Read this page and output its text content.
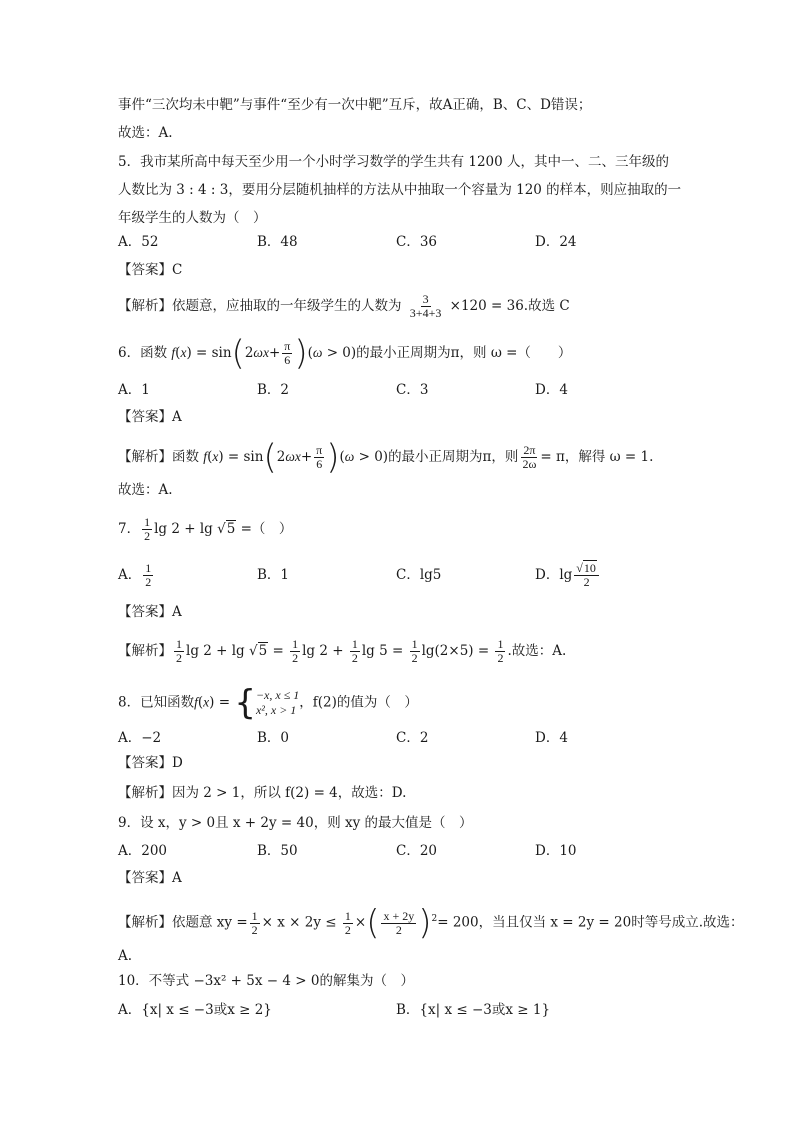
事件“三次均未中靶”与事件“至少有一次中靶”互斥，故A正确，B、C、D错误；
故选：A.
5．我市某所高中每天至少用一个小时学习数学的学生共有 1200 人，其中一、二、三年级的
人数比为 3 : 4 : 3，要用分层随机抽样的方法从中抽取一个容量为 120 的样本，则应抽取的一
年级学生的人数为（　）
A．52	B．48	C．36	D．24
【答案】C
【解析】依题意，应抽取的一年级学生的人数为 $\frac{3}{3+4+3} \times 120 = 36$.故选 C
6．函数 $f(x) = \sin(2\omega x+ \frac{\pi}{6} )(\omega > 0)$的最小正周期为π，则 ω =（　　）
A．1	B．2	C．3	D．4
【答案】A
【解析】函数 $f(x) = \sin(2\omega x+ \frac{\pi}{6} )(\omega > 0)$的最小正周期为π，则 $\frac{2\pi}{2\omega} = \pi$，解得 ω = 1.
故选：A.
7． $\frac{1}{2}$ lg 2 + lg √5 =（　）
A． $\frac{1}{2}$	B．1	C．lg5	D．$\lg \frac{√10}{2}$
【答案】A
【解析】 $\frac{1}{2}$ $\lg 2 + \lg √5 = \frac{1}{2}$ $\lg 2 + \frac{1}{2}$ $\lg 5 = \frac{1}{2} \lg(2\times 5) = \frac{1}{2}$ .故选：A.
8．已知函数f(x) = { −x, x ≤ 1
x², x > 1 ，f(2)的值为（　）
A．−2	B．0	C．2	D．4
【答案】D
【解析】因为 2 > 1，所以 f(2) = 4，故选：D.
9．设 x，y > 0且 x + 2y = 40，则 xy 的最大值是（　）
A．200	B．50	C．20	D．10
【答案】A
【解析】依题意 xy = $\frac{1}{2} \times x \times 2y \le \frac{1}{2}$ ×( $\frac{x + 2y}{2} )^2= 200$，当且仅当 x = 2y = 20时等号成立.故选：
A.
10．不等式 −3x² + 5x − 4 > 0的解集为（　）
A．{x| x ≤ −3或x ≥ 2}	B．{x| x ≤ −3或x ≥ 1}
